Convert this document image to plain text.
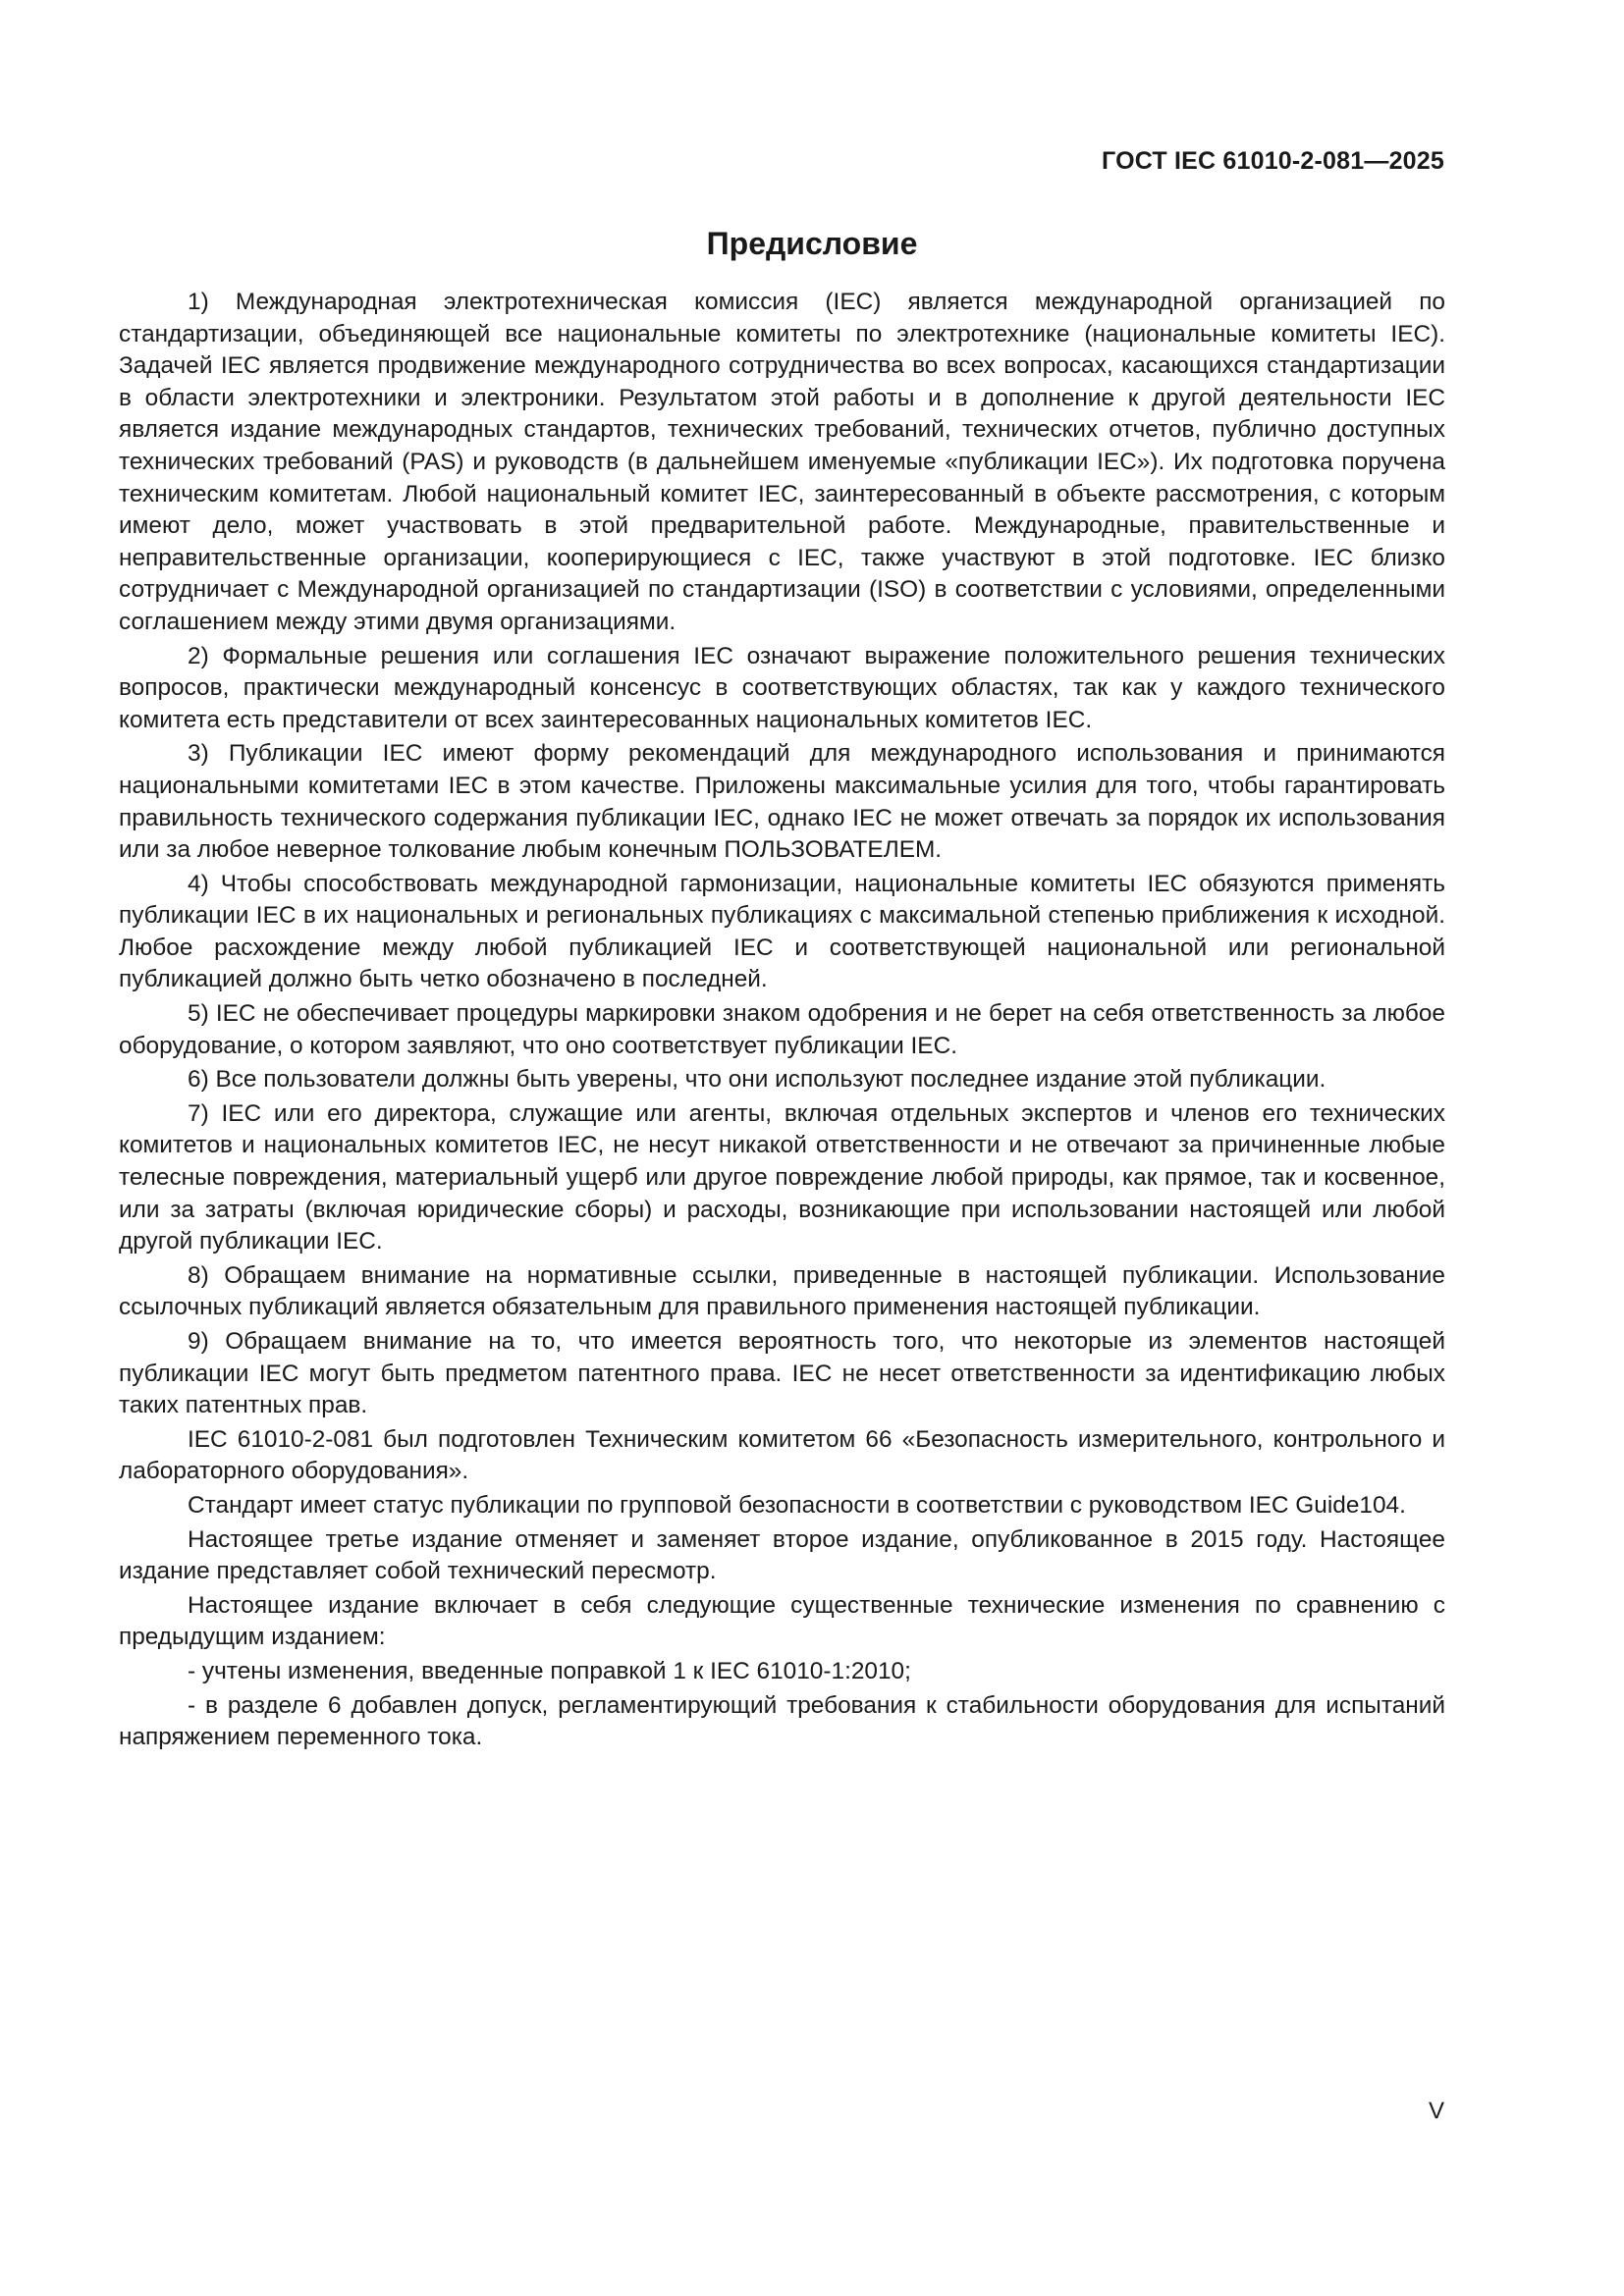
ГОСТ IEC 61010-2-081—2025
Предисловие

1) Международная электротехническая комиссия (IEC) является международной организацией по стандартизации, объединяющей все национальные комитеты по электротехнике (национальные комитеты IEC). Задачей IEC является продвижение международного сотрудничества во всех вопросах, касающихся стандартизации в области электротехники и электроники. Результатом этой работы и в дополнение к другой деятельности IEC является издание международных стандартов, технических требований, технических отчетов, публично доступных технических требований (PAS) и руководств (в дальнейшем именуемые «публикации IEC»). Их подготовка поручена техническим комитетам. Любой национальный комитет IEC, заинтересованный в объекте рассмотрения, с которым имеют дело, может участвовать в этой предварительной работе. Международные, правительственные и неправительственные организации, кооперирующиеся с IEC, также участвуют в этой подготовке. IEC близко сотрудничает с Международной организацией по стандартизации (ISO) в соответствии с условиями, определенными соглашением между этими двумя организациями.

2) Формальные решения или соглашения IEC означают выражение положительного решения технических вопросов, практически международный консенсус в соответствующих областях, так как у каждого технического комитета есть представители от всех заинтересованных национальных комитетов IEC.

3) Публикации IEC имеют форму рекомендаций для международного использования и принимаются национальными комитетами IEC в этом качестве. Приложены максимальные усилия для того, чтобы гарантировать правильность технического содержания публикации IEC, однако IEC не может отвечать за порядок их использования или за любое неверное толкование любым конечным ПОЛЬЗОВАТЕЛЕМ.

4) Чтобы способствовать международной гармонизации, национальные комитеты IEC обязуются применять публикации IEC в их национальных и региональных публикациях с максимальной степенью приближения к исходной. Любое расхождение между любой публикацией IEC и соответствующей национальной или региональной публикацией должно быть четко обозначено в последней.

5) IEC не обеспечивает процедуры маркировки знаком одобрения и не берет на себя ответственность за любое оборудование, о котором заявляют, что оно соответствует публикации IEC.

6) Все пользователи должны быть уверены, что они используют последнее издание этой публикации.

7) IEC или его директора, служащие или агенты, включая отдельных экспертов и членов его технических комитетов и национальных комитетов IEC, не несут никакой ответственности и не отвечают за причиненные любые телесные повреждения, материальный ущерб или другое повреждение любой природы, как прямое, так и косвенное, или за затраты (включая юридические сборы) и расходы, возникающие при использовании настоящей или любой другой публикации IEC.

8) Обращаем внимание на нормативные ссылки, приведенные в настоящей публикации. Использование ссылочных публикаций является обязательным для правильного применения настоящей публикации.

9) Обращаем внимание на то, что имеется вероятность того, что некоторые из элементов настоящей публикации IEC могут быть предметом патентного права. IEC не несет ответственности за идентификацию любых таких патентных прав.

IEC 61010-2-081 был подготовлен Техническим комитетом 66 «Безопасность измерительного, контрольного и лабораторного оборудования».

Стандарт имеет статус публикации по групповой безопасности в соответствии с руководством IEC Guide104.

Настоящее третье издание отменяет и заменяет второе издание, опубликованное в 2015 году. Настоящее издание представляет собой технический пересмотр.

Настоящее издание включает в себя следующие существенные технические изменения по сравнению с предыдущим изданием:

- учтены изменения, введенные поправкой 1 к IEC 61010-1:2010;

- в разделе 6 добавлен допуск, регламентирующий требования к стабильности оборудования для испытаний напряжением переменного тока.

V
